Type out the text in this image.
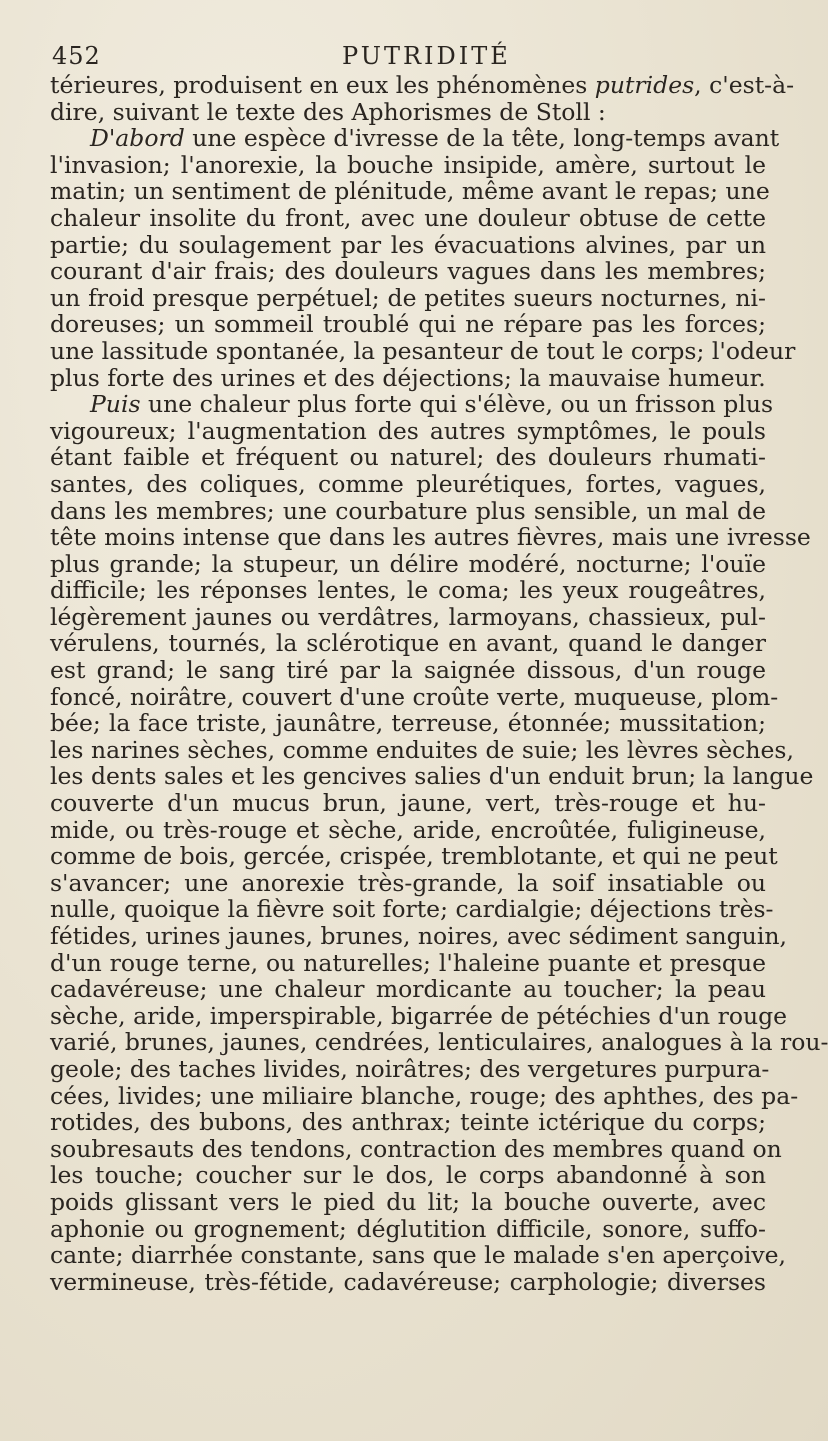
452	PUTRIDITÉ
térieures, produisent en eux les phénomènes putrides, c'est-à-
dire, suivant le texte des Aphorismes de Stoll :
D'abord une espèce d'ivresse de la tête, long-temps avant
l'invasion; l'anorexie, la bouche insipide, amère, surtout le
matin; un sentiment de plénitude, même avant le repas; une
chaleur insolite du front, avec une douleur obtuse de cette
partie; du soulagement par les évacuations alvines, par un
courant d'air frais; des douleurs vagues dans les membres;
un froid presque perpétuel; de petites sueurs nocturnes, ni-
doreuses; un sommeil troublé qui ne répare pas les forces;
une lassitude spontanée, la pesanteur de tout le corps; l'odeur
plus forte des urines et des déjections; la mauvaise humeur.
Puis une chaleur plus forte qui s'élève, ou un frisson plus
vigoureux; l'augmentation des autres symptômes, le pouls
étant faible et fréquent ou naturel; des douleurs rhumati-
santes, des coliques, comme pleurétiques, fortes, vagues,
dans les membres; une courbature plus sensible, un mal de
tête moins intense que dans les autres fièvres, mais une ivresse
plus grande; la stupeur, un délire modéré, nocturne; l'ouïe
difficile; les réponses lentes, le coma; les yeux rougeâtres,
légèrement jaunes ou verdâtres, larmoyans, chassieux, pul-
vérulens, tournés, la sclérotique en avant, quand le danger
est grand; le sang tiré par la saignée dissous, d'un rouge
foncé, noirâtre, couvert d'une croûte verte, muqueuse, plom-
bée; la face triste, jaunâtre, terreuse, étonnée; mussitation;
les narines sèches, comme enduites de suie; les lèvres sèches,
les dents sales et les gencives salies d'un enduit brun; la langue
couverte d'un mucus brun, jaune, vert, très-rouge et hu-
mide, ou très-rouge et sèche, aride, encroûtée, fuligineuse,
comme de bois, gercée, crispée, tremblotante, et qui ne peut
s'avancer; une anorexie très-grande, la soif insatiable ou
nulle, quoique la fièvre soit forte; cardialgie; déjections très-
fétides, urines jaunes, brunes, noires, avec sédiment sanguin,
d'un rouge terne, ou naturelles; l'haleine puante et presque
cadavéreuse; une chaleur mordicante au toucher; la peau
sèche, aride, imperspirable, bigarrée de pétéchies d'un rouge
varié, brunes, jaunes, cendrées, lenticulaires, analogues à la rou-
geole; des taches livides, noirâtres; des vergetures purpura-
cées, livides; une miliaire blanche, rouge; des aphthes, des pa-
rotides, des bubons, des anthrax; teinte ictérique du corps;
soubresauts des tendons, contraction des membres quand on
les touche; coucher sur le dos, le corps abandonné à son
poids glissant vers le pied du lit; la bouche ouverte, avec
aphonie ou grognement; déglutition difficile, sonore, suffo-
cante; diarrhée constante, sans que le malade s'en aperçoive,
vermineuse, très-fétide, cadavéreuse; carphologie; diverses
